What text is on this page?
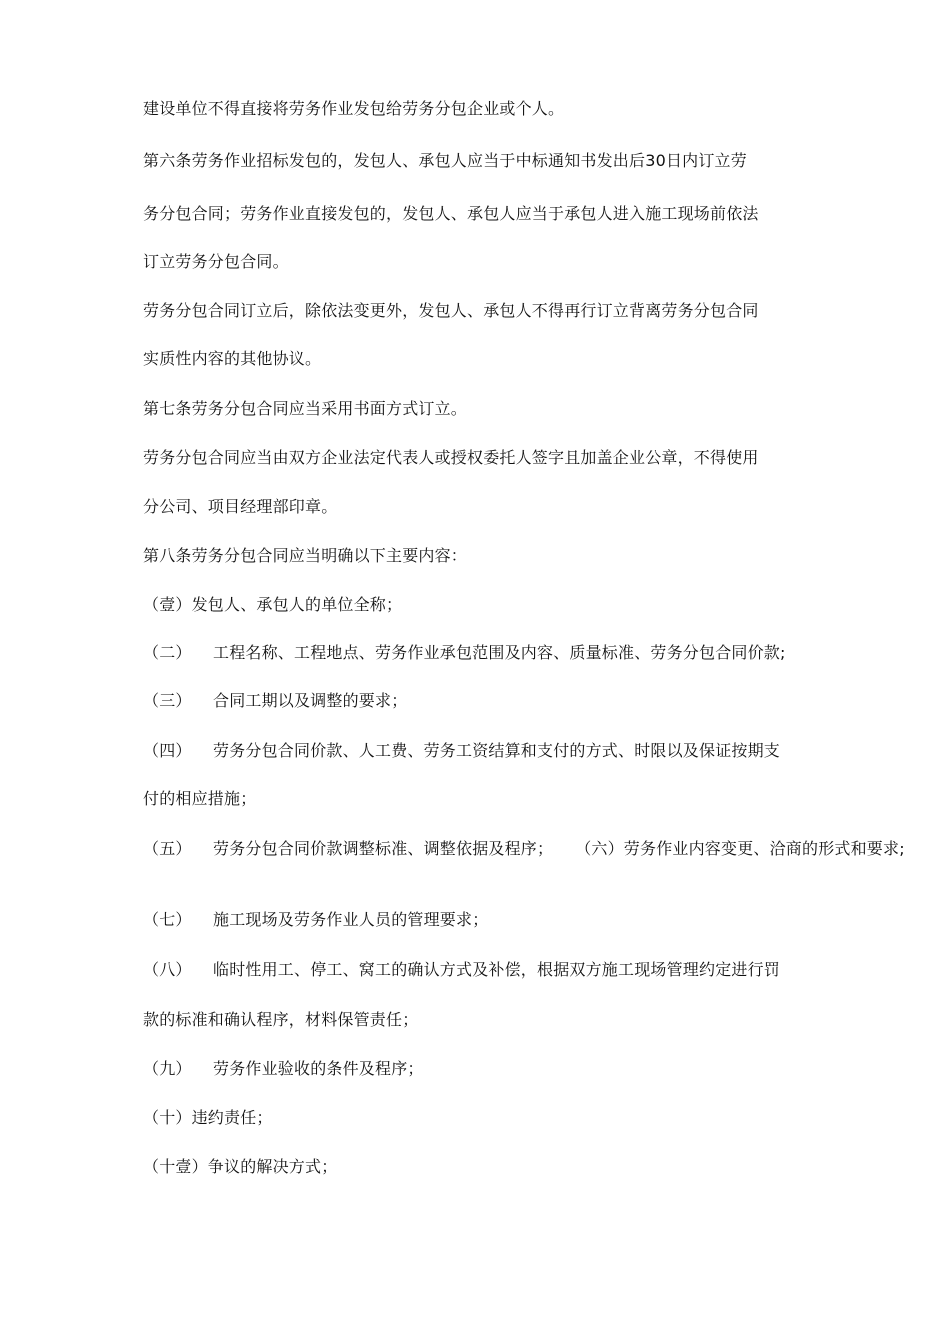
建设单位不得直接将劳务作业发包给劳务分包企业或个人。
第六条劳务作业招标发包的，发包人、承包人应当于中标通知书发出后30日内订立劳
务分包合同；劳务作业直接发包的，发包人、承包人应当于承包人进入施工现场前依法
订立劳务分包合同。
劳务分包合同订立后，除依法变更外，发包人、承包人不得再行订立背离劳务分包合同
实质性内容的其他协议。
第七条劳务分包合同应当采用书面方式订立。
劳务分包合同应当由双方企业法定代表人或授权委托人签字且加盖企业公章，不得使用
分公司、项目经理部印章。
第八条劳务分包合同应当明确以下主要内容：
（壹）发包人、承包人的单位全称；
（二） 工程名称、工程地点、劳务作业承包范围及内容、质量标准、劳务分包合同价款;
（三） 合同工期以及调整的要求；
（四） 劳务分包合同价款、人工费、劳务工资结算和支付的方式、时限以及保证按期支
付的相应措施；
（五） 劳务分包合同价款调整标准、调整依据及程序； （六）劳务作业内容变更、洽商的形式和要求;
（七） 施工现场及劳务作业人员的管理要求；
（八） 临时性用工、停工、窝工的确认方式及补偿，根据双方施工现场管理约定进行罚
款的标准和确认程序，材料保管责任；
（九） 劳务作业验收的条件及程序；
（十）违约责任；
（十壹）争议的解决方式；
